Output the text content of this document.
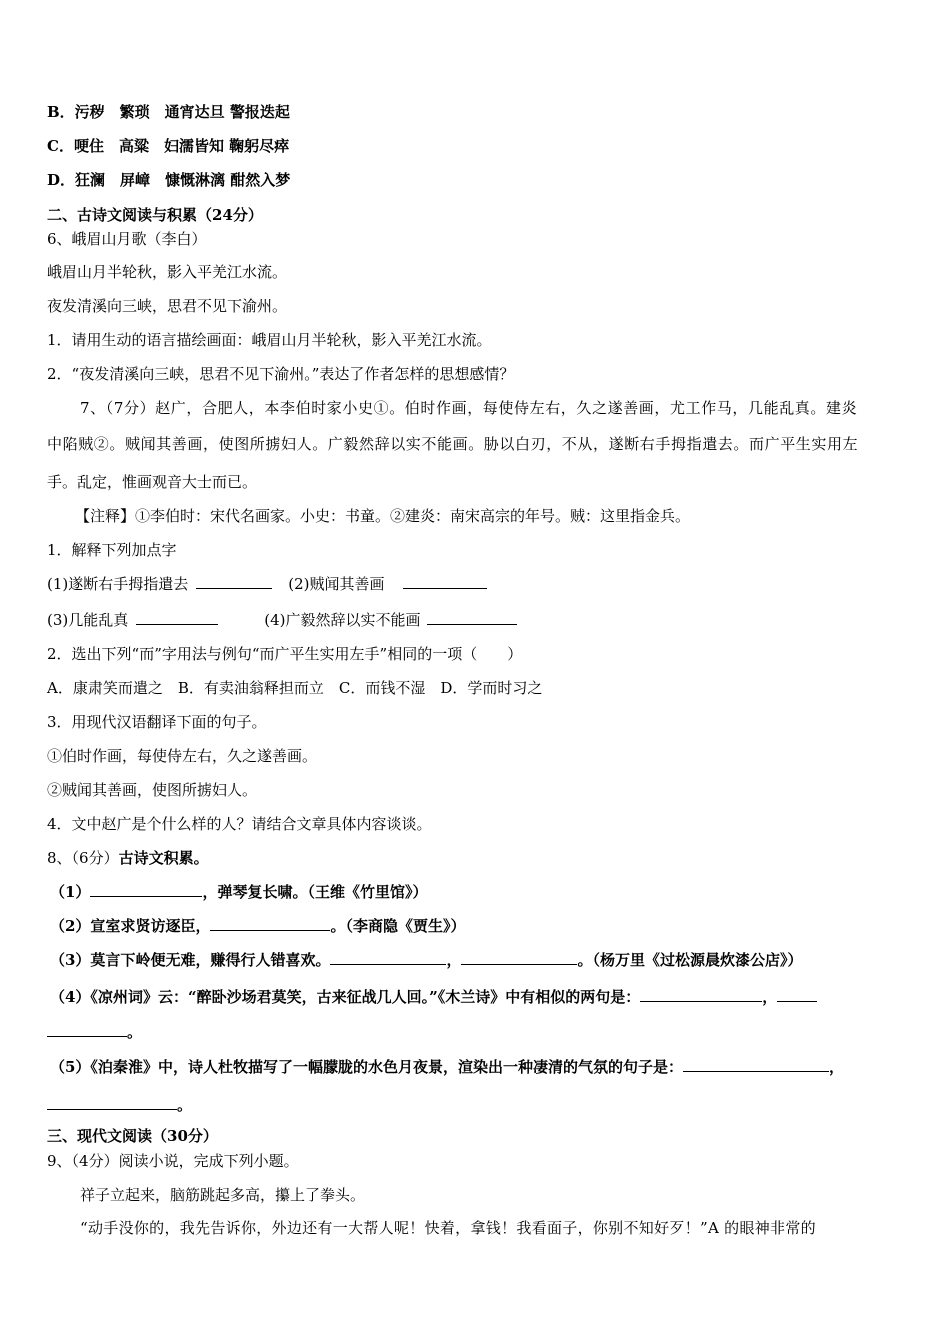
B．污秽　繁琐　通宵达旦 警报迭起
C．哽住　高粱　妇濡皆知 鞠躬尽瘁
D．狂澜　屏嶂　慷慨淋漓 酣然入梦
二、古诗文阅读与积累（24分）
6、峨眉山月歌（李白）
峨眉山月半轮秋，影入平羌江水流。
夜发清溪向三峡，思君不见下渝州。
1．请用生动的语言描绘画面：峨眉山月半轮秋，影入平羌江水流。
2．“夜发清溪向三峡，思君不见下渝州。”表达了作者怎样的思想感情？
7、（7分）赵广，合肥人，本李伯时家小史①。伯时作画，每使侍左右，久之遂善画，尤工作马，几能乱真。建炎
中陷贼②。贼闻其善画，使图所掳妇人。广毅然辞以实不能画。胁以白刃，不从，遂断右手拇指遣去。而广平生实用左
手。乱定，惟画观音大士而已。
【注释】①李伯时：宋代名画家。小史：书童。②建炎：南宋高宗的年号。贼：这里指金兵。
1．解释下列加点字
(1)遂断右手拇指遣去	(2)贼闻其善画
(3)几能乱真	(4)广毅然辞以实不能画
2．选出下列“而”字用法与例句“而广平生实用左手”相同的一项（　　）
A．康肃笑而遣之　B．有卖油翁释担而立　C．而钱不湿　D．学而时习之
3．用现代汉语翻译下面的句子。
①伯时作画，每使侍左右，久之遂善画。
②贼闻其善画，使图所掳妇人。
4．文中赵广是个什么样的人？请结合文章具体内容谈谈。
8、（6分）古诗文积累。
（1）	，弹琴复长啸。（王维《竹里馆》）
（2）宣室求贤访逐臣，	。（李商隐《贾生》）
（3）莫言下岭便无难，赚得行人错喜欢。	，	。（杨万里《过松源晨炊漆公店》）
（4）《凉州词》云：“醉卧沙场君莫笑，古来征战几人回。”《木兰诗》中有相似的两句是：	，
。
（5）《泊秦淮》中，诗人杜牧描写了一幅朦胧的水色月夜景，渲染出一种凄清的气氛的句子是：	，
。
三、现代文阅读（30分）
9、（4分）阅读小说，完成下列小题。
祥子立起来，脑筋跳起多高，攥上了拳头。
“动手没你的，我先告诉你，外边还有一大帮人呢！快着，拿钱！我看面子，你别不知好歹！”A 的眼神非常的
